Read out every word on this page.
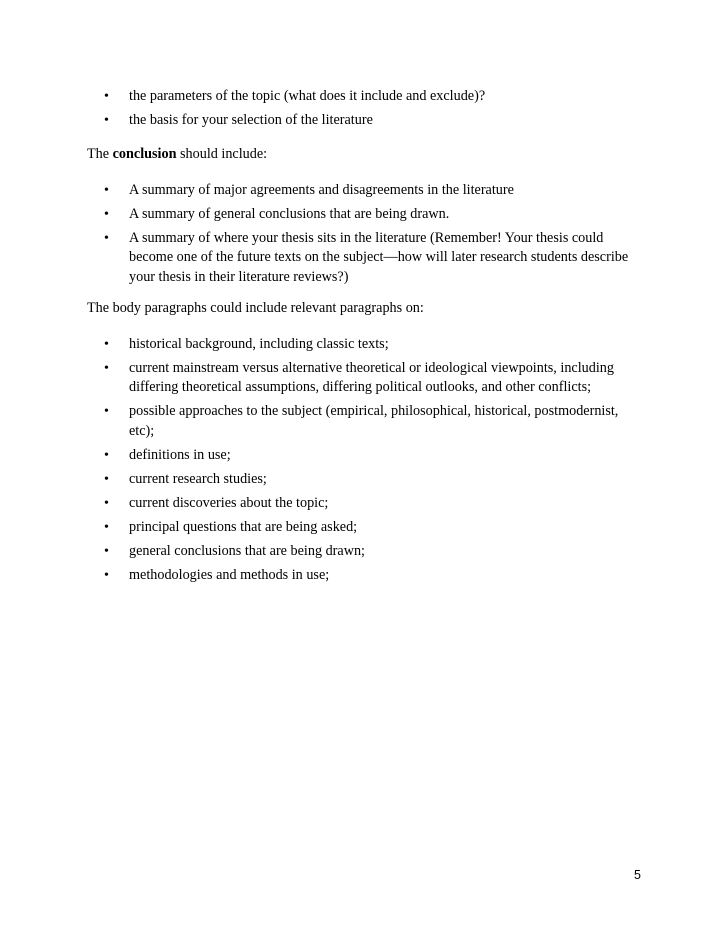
• the parameters of the topic (what does it include and exclude)?
• the basis for your selection of the literature

The conclusion should include:

• A summary of major agreements and disagreements in the literature
• A summary of general conclusions that are being drawn.
• A summary of where your thesis sits in the literature (Remember! Your thesis could become one of the future texts on the subject—how will later research students describe your thesis in their literature reviews?)

The body paragraphs could include relevant paragraphs on:

• historical background, including classic texts;
• current mainstream versus alternative theoretical or ideological viewpoints, including differing theoretical assumptions, differing political outlooks, and other conflicts;
• possible approaches to the subject (empirical, philosophical, historical, postmodernist, etc);
• definitions in use;
• current research studies;
• current discoveries about the topic;
• principal questions that are being asked;
• general conclusions that are being drawn;
• methodologies and methods in use;
5
